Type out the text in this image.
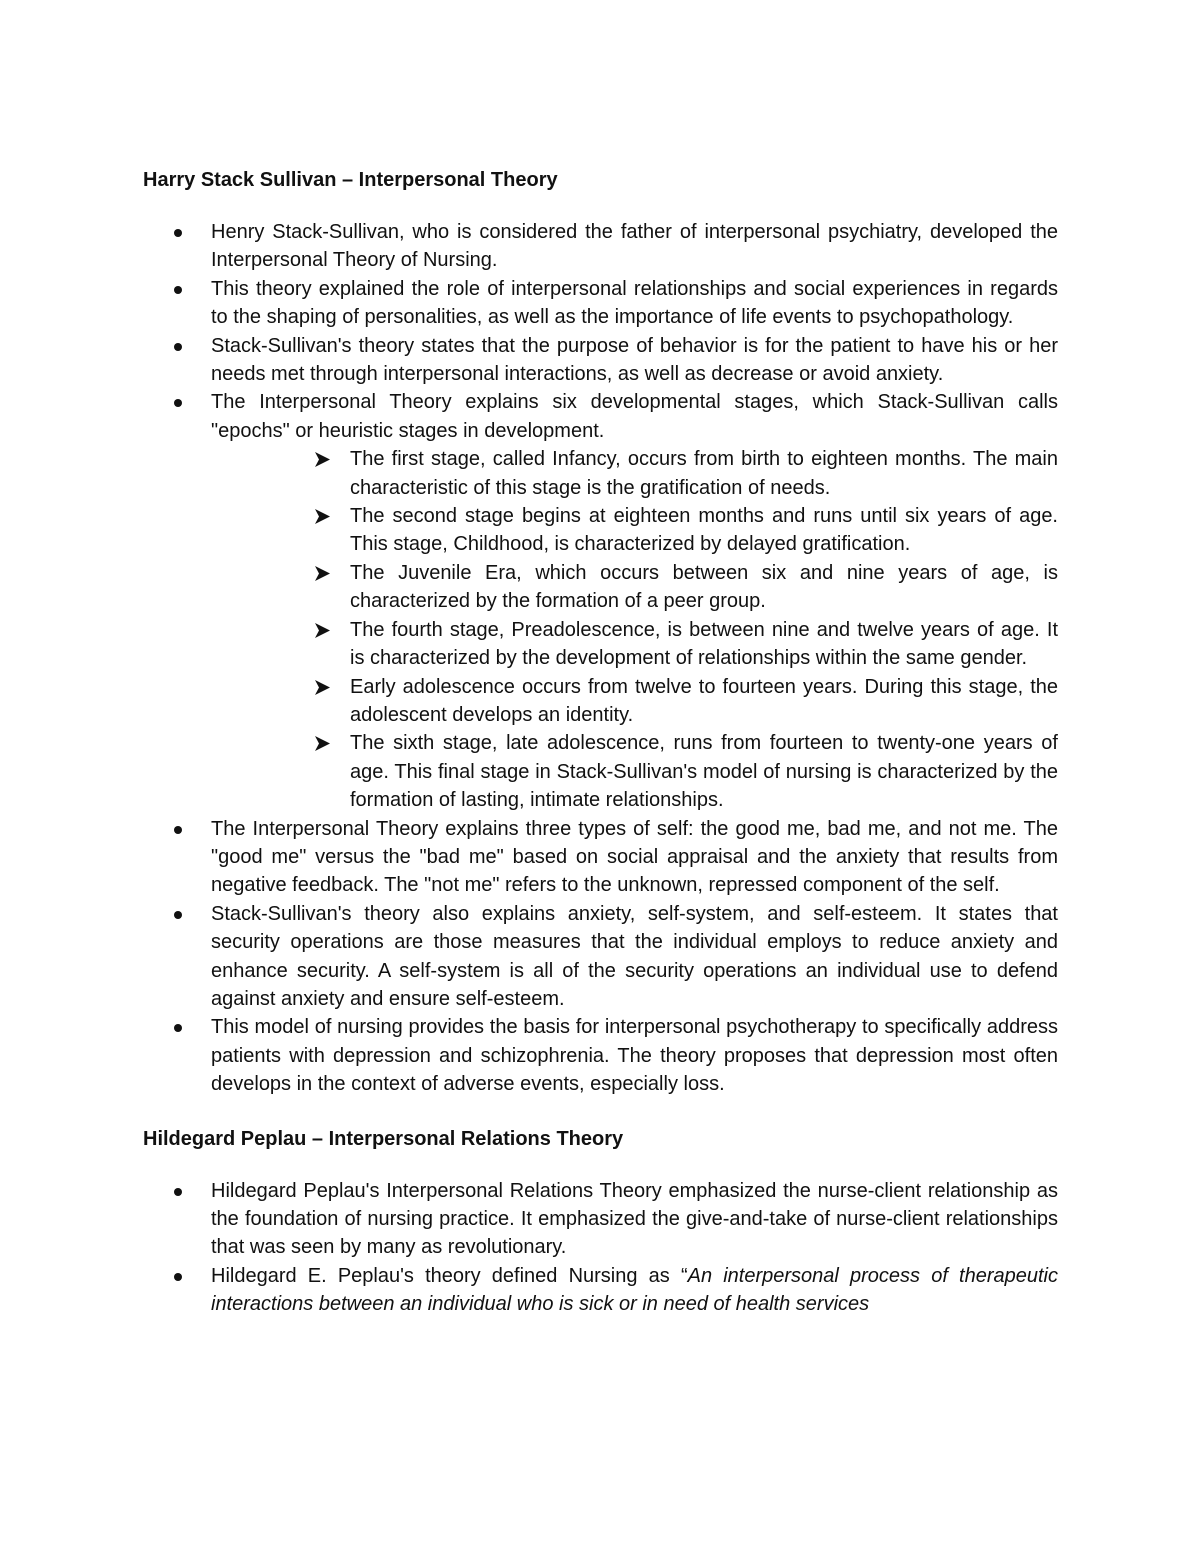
Harry Stack Sullivan – Interpersonal Theory

Henry Stack-Sullivan, who is considered the father of interpersonal psychiatry, developed the Interpersonal Theory of Nursing.
This theory explained the role of interpersonal relationships and social experiences in regards to the shaping of personalities, as well as the importance of life events to psychopathology.
Stack-Sullivan's theory states that the purpose of behavior is for the patient to have his or her needs met through interpersonal interactions, as well as decrease or avoid anxiety.
The Interpersonal Theory explains six developmental stages, which Stack-Sullivan calls "epochs" or heuristic stages in development.
The first stage, called Infancy, occurs from birth to eighteen months. The main characteristic of this stage is the gratification of needs.
The second stage begins at eighteen months and runs until six years of age. This stage, Childhood, is characterized by delayed gratification.
The Juvenile Era, which occurs between six and nine years of age, is characterized by the formation of a peer group.
The fourth stage, Preadolescence, is between nine and twelve years of age. It is characterized by the development of relationships within the same gender.
Early adolescence occurs from twelve to fourteen years. During this stage, the adolescent develops an identity.
The sixth stage, late adolescence, runs from fourteen to twenty-one years of age. This final stage in Stack-Sullivan's model of nursing is characterized by the formation of lasting, intimate relationships.
The Interpersonal Theory explains three types of self: the good me, bad me, and not me. The "good me" versus the "bad me" based on social appraisal and the anxiety that results from negative feedback. The "not me" refers to the unknown, repressed component of the self.
Stack-Sullivan's theory also explains anxiety, self-system, and self-esteem. It states that security operations are those measures that the individual employs to reduce anxiety and enhance security. A self-system is all of the security operations an individual use to defend against anxiety and ensure self-esteem.
This model of nursing provides the basis for interpersonal psychotherapy to specifically address patients with depression and schizophrenia. The theory proposes that depression most often develops in the context of adverse events, especially loss.

Hildegard Peplau – Interpersonal Relations Theory

Hildegard Peplau's Interpersonal Relations Theory emphasized the nurse-client relationship as the foundation of nursing practice. It emphasized the give-and-take of nurse-client relationships that was seen by many as revolutionary.
Hildegard E. Peplau's theory defined Nursing as “An interpersonal process of therapeutic interactions between an individual who is sick or in need of health services
